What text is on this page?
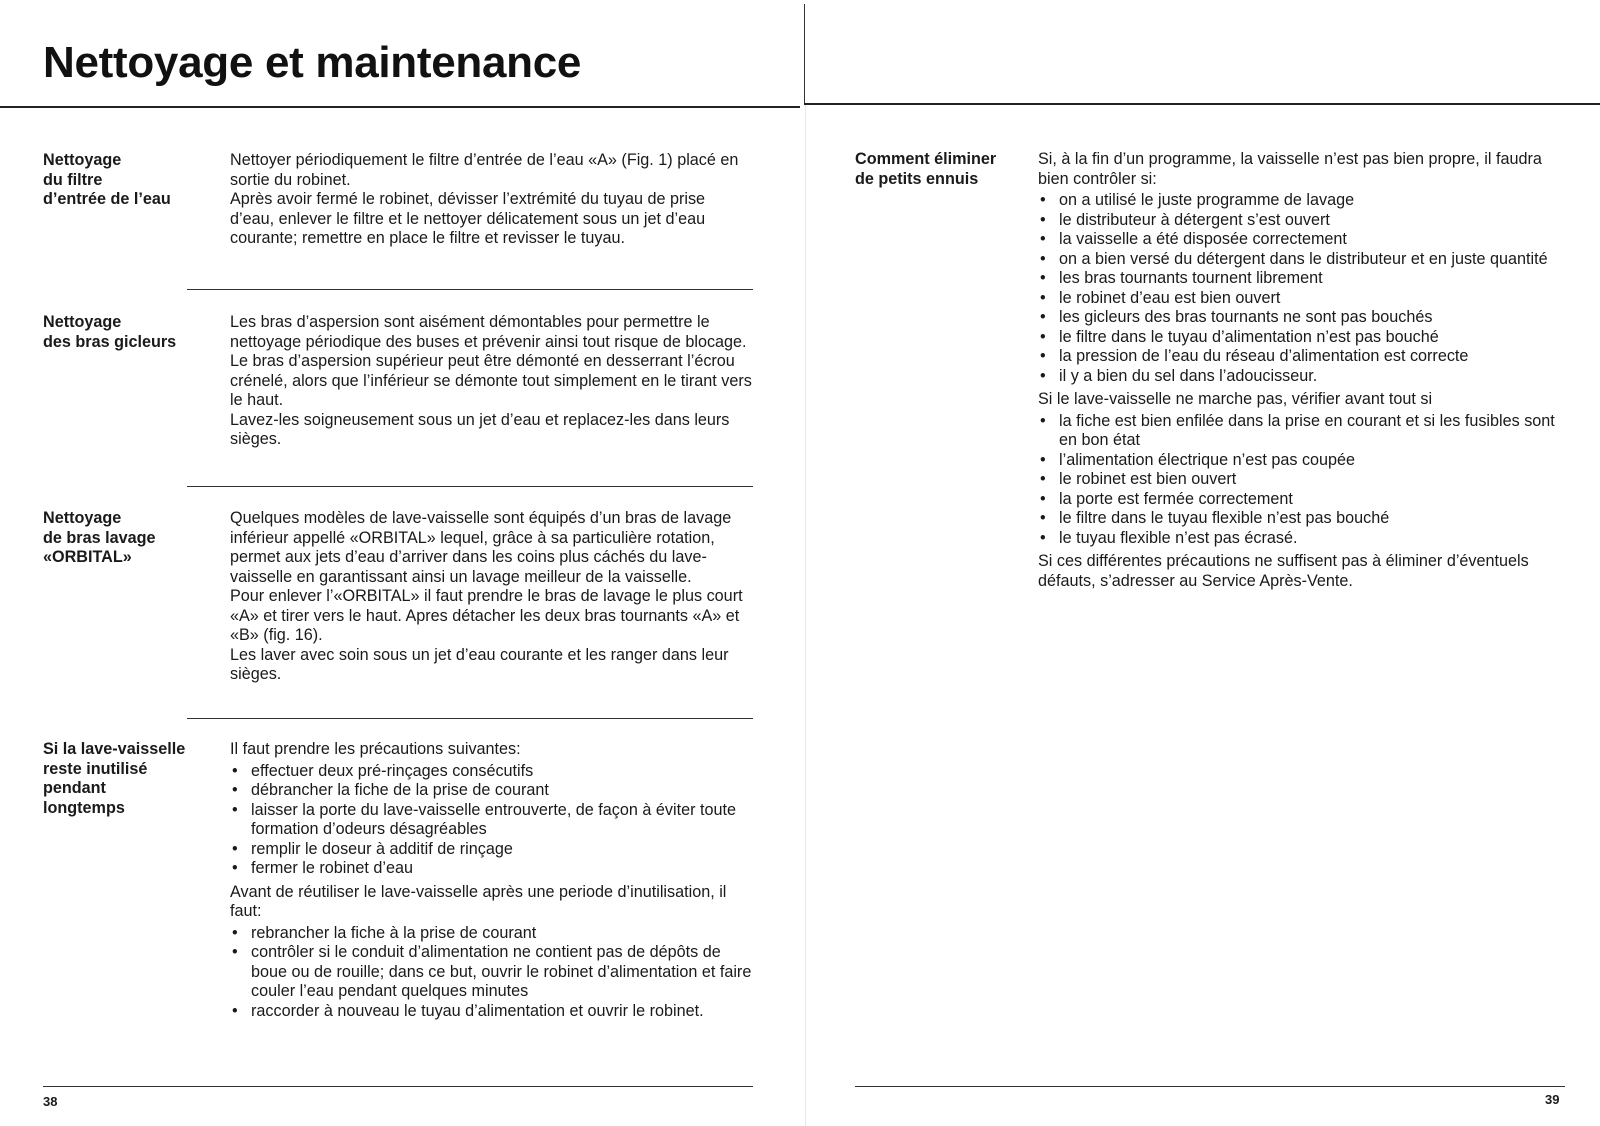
Nettoyage et maintenance
Nettoyage
du filtre
d’entrée de l’eau

Nettoyer périodiquement le filtre d’entrée de l’eau «A» (Fig. 1) placé en sortie du robinet.

Après avoir fermé le robinet, dévisser l’extrémité du tuyau de prise d’eau, enlever le filtre et le nettoyer délicatement sous un jet d’eau courante; remettre en place le filtre et revisser le tuyau.

Nettoyage
des bras gicleurs

Les bras d’aspersion sont aisément démontables pour permettre le nettoyage périodique des buses et prévenir ainsi tout risque de blocage.

Le bras d’aspersion supérieur peut être démonté en desserrant l’écrou crénelé, alors que l’inférieur se démonte tout simplement en le tirant vers le haut.

Lavez-les soigneusement sous un jet d’eau et replacez-les dans leurs sièges.

Nettoyage
de bras lavage
«ORBITAL»

Quelques modèles de lave-vaisselle sont équipés d’un bras de lavage inférieur appellé «ORBITAL» lequel, grâce à sa particulière rotation, permet aux jets d’eau d’arriver dans les coins plus cáchés du lave-vaisselle en garantissant ainsi un lavage meilleur de la vaisselle.

Pour enlever l’«ORBITAL» il faut prendre le bras de lavage le plus court «A» et tirer vers le haut. Apres détacher les deux bras tournants «A» et «B» (fig. 16).

Les laver avec soin sous un jet d’eau courante et les ranger dans leur sièges.

Si la lave-vaisselle
reste inutilisé
pendant
longtemps

Il faut prendre les précautions suivantes:

• effectuer deux pré-rinçages consécutifs
• débrancher la fiche de la prise de courant
• laisser la porte du lave-vaisselle entrouverte, de façon à éviter toute formation d’odeurs désagréables
• remplir le doseur à additif de rinçage
• fermer le robinet d’eau

Avant de réutiliser le lave-vaisselle après une periode d’inutilisation, il faut:

• rebrancher la fiche à la prise de courant
• contrôler si le conduit d’alimentation ne contient pas de dépôts de boue ou de rouille; dans ce but, ouvrir le robinet d’alimentation et faire couler l’eau pendant quelques minutes
• raccorder à nouveau le tuyau d’alimentation et ouvrir le robinet.
38
Comment éliminer
de petits ennuis

Si, à la fin d’un programme, la vaisselle n’est pas bien propre, il faudra bien contrôler si:

• on a utilisé le juste programme de lavage
• le distributeur à détergent s’est ouvert
• la vaisselle a été disposée correctement
• on a bien versé du détergent dans le distributeur et en juste quantité
• les bras tournants tournent librement
• le robinet d’eau est bien ouvert
• les gicleurs des bras tournants ne sont pas bouchés
• le filtre dans le tuyau d’alimentation n’est pas bouché
• la pression de l’eau du réseau d’alimentation est correcte
• il y a bien du sel dans l’adoucisseur.

Si le lave-vaisselle ne marche pas, vérifier avant tout si

• la fiche est bien enfilée dans la prise en courant et si les fusibles sont en bon état
• l’alimentation électrique n’est pas coupée
• le robinet est bien ouvert
• la porte est fermée correctement
• le filtre dans le tuyau flexible n’est pas bouché
• le tuyau flexible n’est pas écrasé.

Si ces différentes précautions ne suffisent pas à éliminer d’éventuels défauts, s’adresser au Service Après-Vente.

39
